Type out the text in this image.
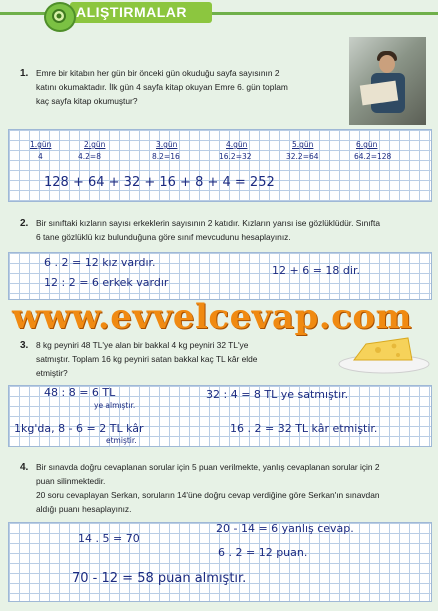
ALIŞTIRMALAR
1. Emre bir kitabın her gün bir önceki gün okuduğu sayfa sayısının 2
katını okumaktadır. İlk gün 4 sayfa kitap okuyan Emre 6. gün toplam
kaç sayfa kitap okumuştur?
1.gün	2.gün	3.gün	4.gün	5.gün	6.gün
4	4.2=8	8.2=16	16.2=32	32.2=64	64.2=128
128 + 64 + 32 + 16 + 8 + 4 = 252
2. Bir sınıftaki kızların sayısı erkeklerin sayısının 2 katıdır. Kızların yarısı ise gözlüklüdür. Sınıfta
6 tane gözlüklü kız bulunduğuna göre sınıf mevcudunu hesaplayınız.
6 . 2 = 12 kız vardır.
12 : 2 = 6 erkek vardır
12 + 6 = 18 dir.
www.evvelcevap.com
3. 8 kg peyniri 48 TL'ye alan bir bakkal 4 kg peyniri 32 TL'ye
satmıştır. Toplam 16 kg peyniri satan bakkal kaç TL kâr elde
etmiştir?
48 : 8 = 6 TL
ye almıştır.
32 : 4 = 8 TL ye satmıştır.
1kg'da, 8 - 6 = 2 TL kâr
etmiştir.
16 . 2 = 32 TL kâr etmiştir.
4. Bir sınavda doğru cevaplanan sorular için 5 puan verilmekte, yanlış cevaplanan sorular için 2
puan silinmektedir.
20 soru cevaplayan Serkan, soruların 14'üne doğru cevap verdiğine göre Serkan'ın sınavdan
aldığı puanı hesaplayınız.
14 . 5 = 70
20 - 14 = 6 yanlış cevap.
6 . 2 = 12 puan.
70 - 12 = 58 puan almıştır.
